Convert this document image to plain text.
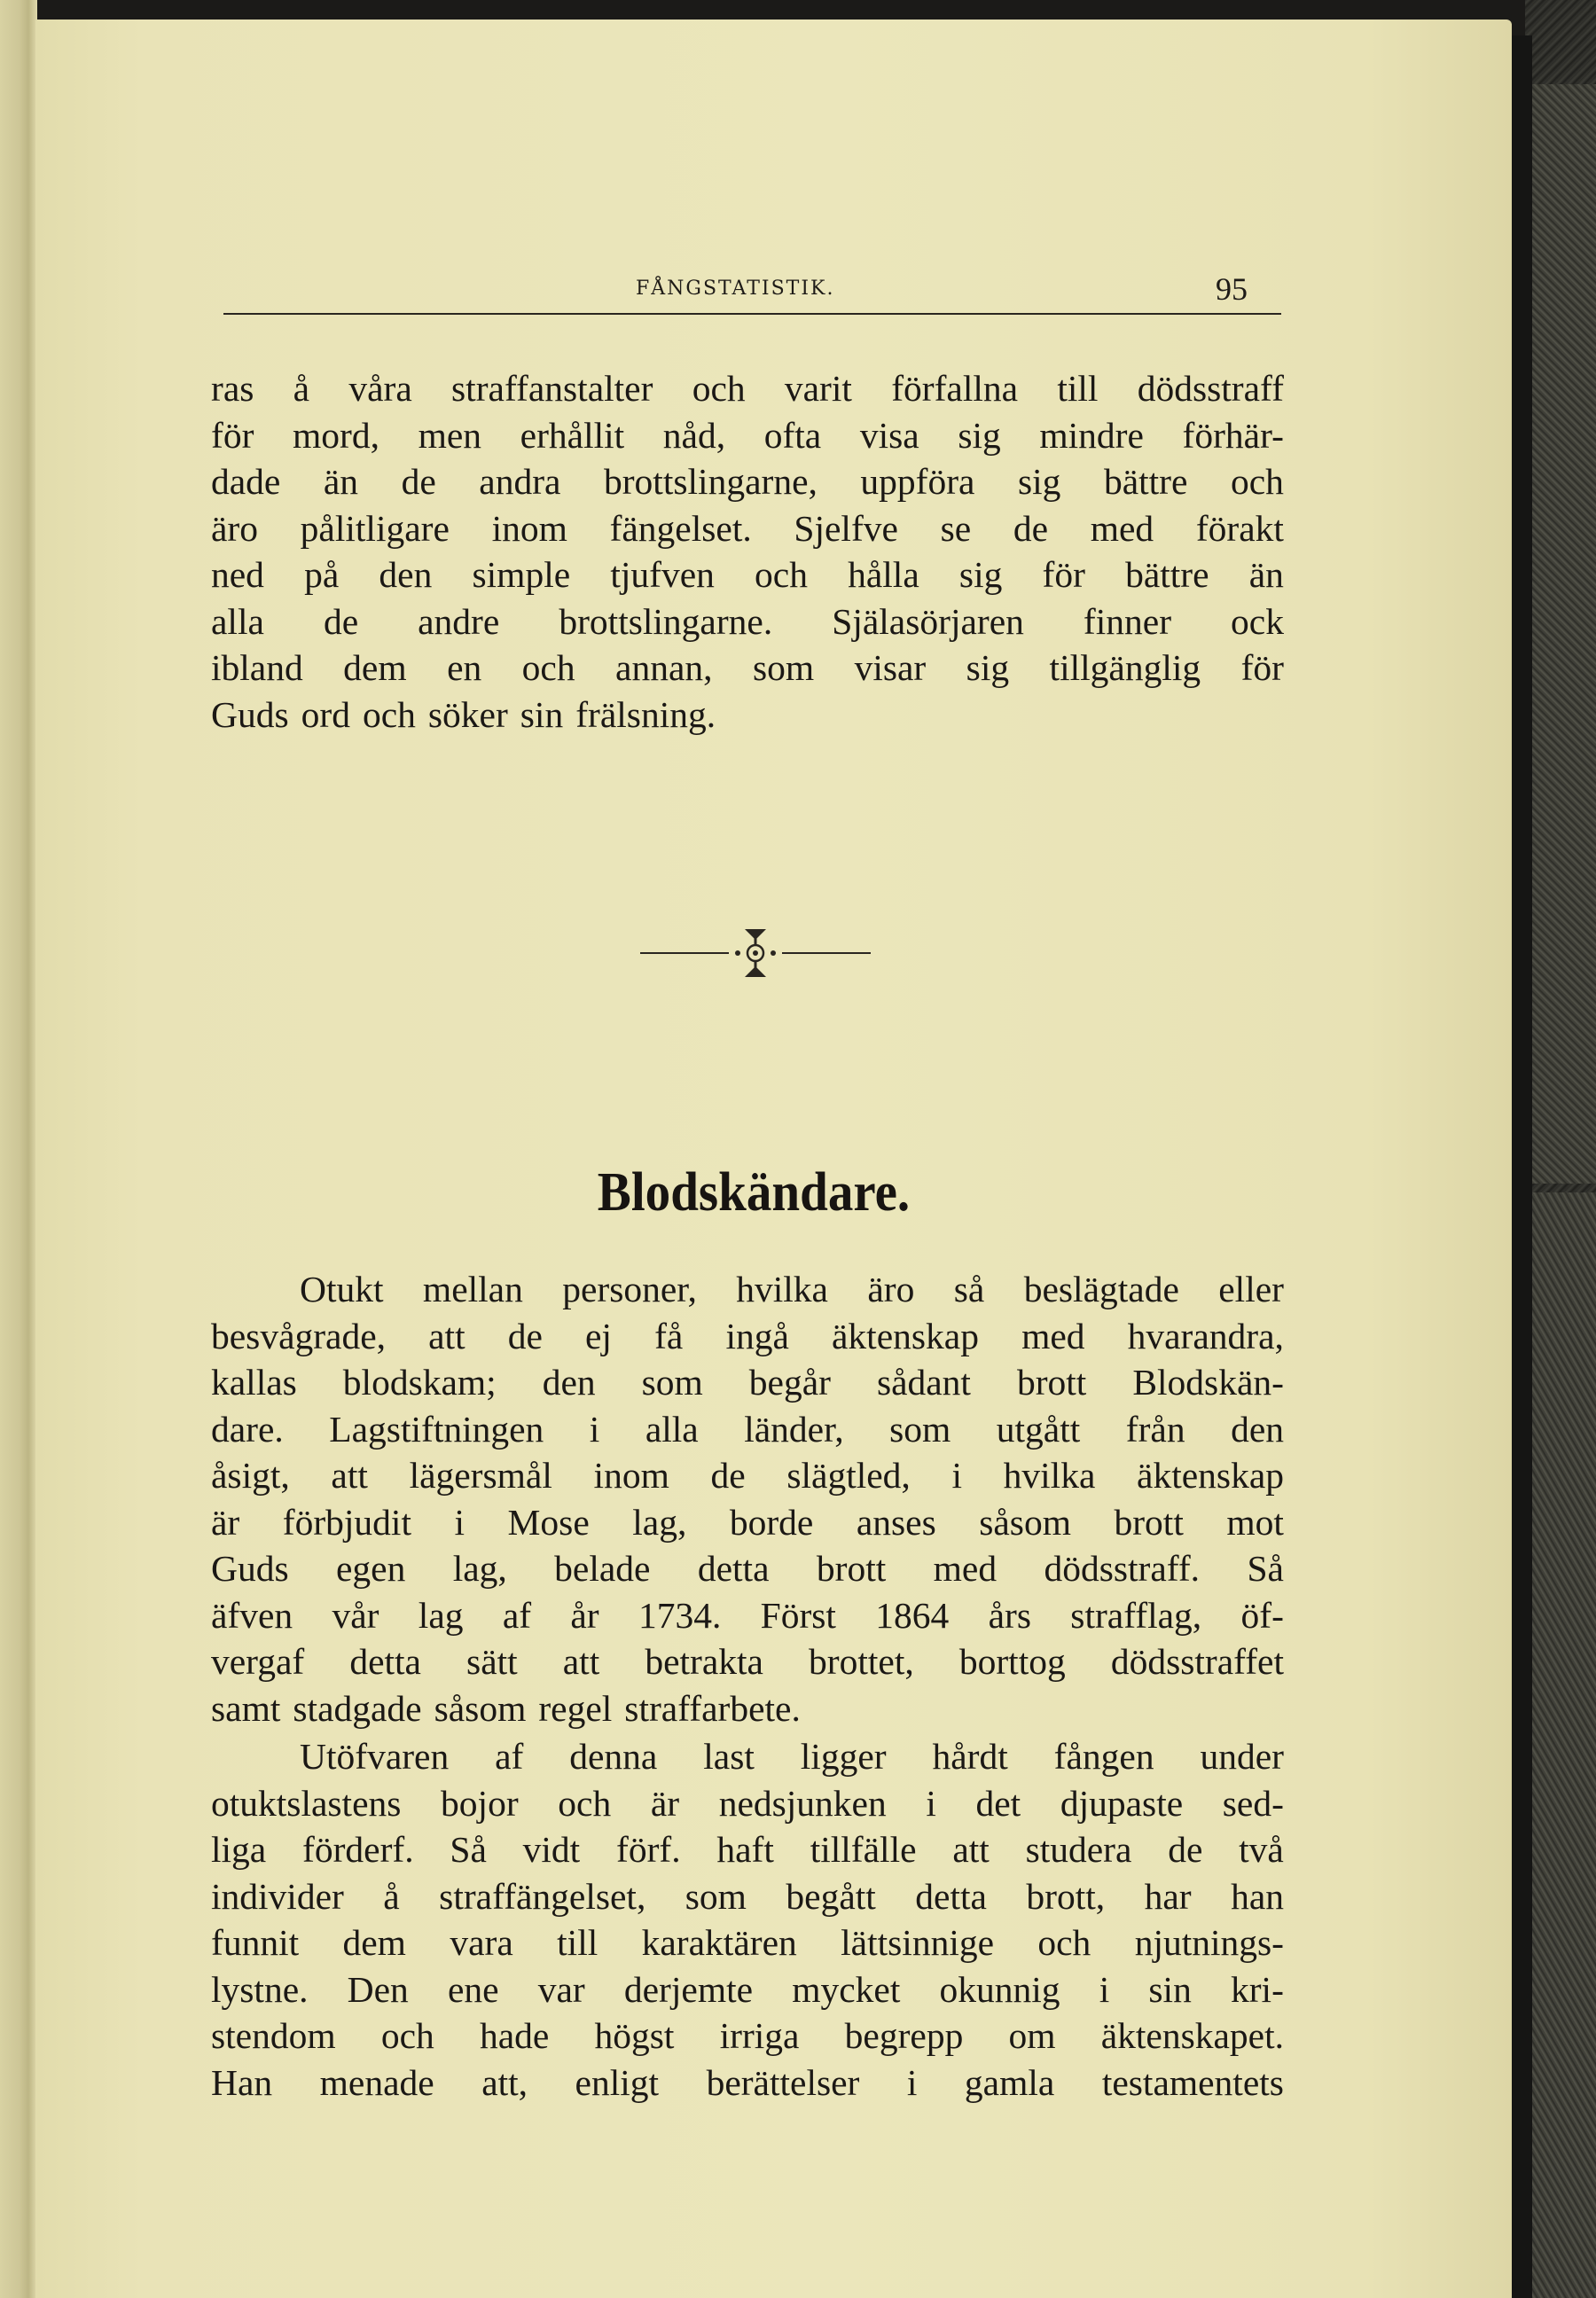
FÅNGSTATISTIK.	95
ras å våra straffanstalter och varit förfallna till dödsstraff
för mord, men erhållit nåd, ofta visa sig mindre förhär-
dade än de andra brottslingarne, uppföra sig bättre och
äro pålitligare inom fängelset. Sjelfve se de med förakt
ned på den simple tjufven och hålla sig för bättre än
alla de andre brottslingarne. Själasörjaren finner ock
ibland dem en och annan, som visar sig tillgänglig för
Guds ord och söker sin frälsning.
Blodskändare.
Otukt mellan personer, hvilka äro så beslägtade eller
besvågrade, att de ej få ingå äktenskap med hvarandra,
kallas blodskam; den som begår sådant brott Blodskän-
dare. Lagstiftningen i alla länder, som utgått från den
åsigt, att lägersmål inom de slägtled, i hvilka äktenskap
är förbjudit i Mose lag, borde anses såsom brott mot
Guds egen lag, belade detta brott med dödsstraff. Så
äfven vår lag af år 1734. Först 1864 års strafflag, öf-
vergaf detta sätt att betrakta brottet, borttog dödsstraffet
samt stadgade såsom regel straffarbete.
Utöfvaren af denna last ligger hårdt fången under
otuktslastens bojor och är nedsjunken i det djupaste sed-
liga förderf. Så vidt förf. haft tillfälle att studera de två
individer å straffängelset, som begått detta brott, har han
funnit dem vara till karaktären lättsinnige och njutnings-
lystne. Den ene var derjemte mycket okunnig i sin kri-
stendom och hade högst irriga begrepp om äktenskapet.
Han menade att, enligt berättelser i gamla testamentets
